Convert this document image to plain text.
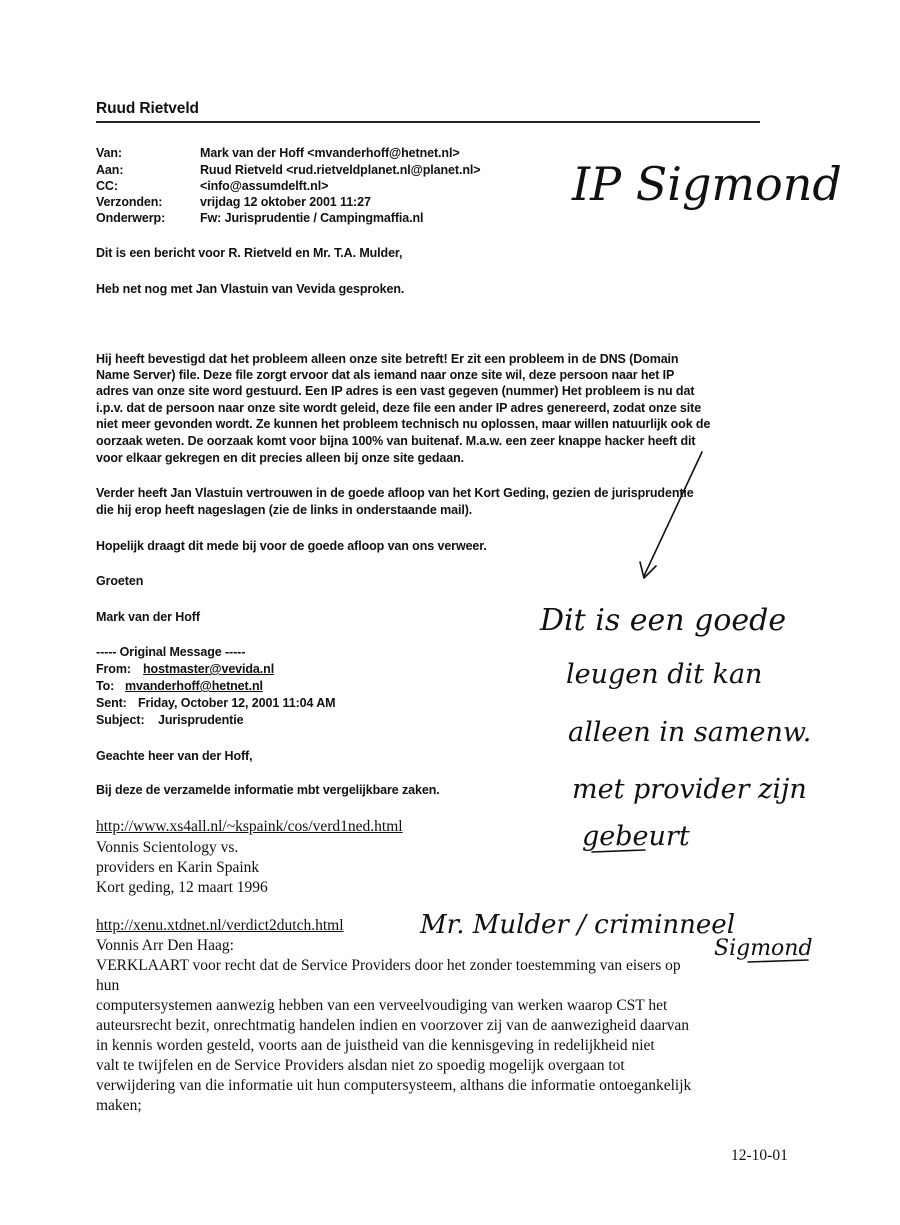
Ruud Rietveld
Van:	Mark van der Hoff <mvanderhoff@hetnet.nl>
Aan:	Ruud Rietveld <rud.rietveldplanet.nl@planet.nl>
CC:	<info@assumdelft.nl>
Verzonden:	vrijdag 12 oktober 2001 11:27
Onderwerp:	Fw: Jurisprudentie / Campingmaffia.nl
Dit is een bericht voor R. Rietveld en Mr. T.A. Mulder,
Heb net nog met Jan Vlastuin van Vevida gesproken.
Hij heeft bevestigd dat het probleem alleen onze site betreft! Er zit een probleem in de DNS (Domain
Name Server) file. Deze file zorgt ervoor dat als iemand naar onze site wil, deze persoon naar het IP
adres van onze site word gestuurd. Een IP adres is een vast gegeven (nummer) Het probleem is nu dat
i.p.v. dat de persoon naar onze site wordt geleid, deze file een ander IP adres genereerd, zodat onze site
niet meer gevonden wordt. Ze kunnen het probleem technisch nu oplossen, maar willen natuurlijk ook de
oorzaak weten. De oorzaak komt voor bijna 100% van buitenaf. M.a.w. een zeer knappe hacker heeft dit
voor elkaar gekregen en dit precies alleen bij onze site gedaan.
Verder heeft Jan Vlastuin vertrouwen in de goede afloop van het Kort Geding, gezien de jurisprudentie
die hij erop heeft nageslagen (zie de links in onderstaande mail).
Hopelijk draagt dit mede bij voor de goede afloop van ons verweer.
Groeten
Mark van der Hoff
----- Original Message -----
From: hostmaster@vevida.nl
To: mvanderhoff@hetnet.nl
Sent: Friday, October 12, 2001 11:04 AM
Subject: Jurisprudentie
Geachte heer van der Hoff,
Bij deze de verzamelde informatie mbt vergelijkbare zaken.
http://www.xs4all.nl/~kspaink/cos/verd1ned.html
Vonnis Scientology vs.
providers en Karin Spaink
Kort geding, 12 maart 1996
http://xenu.xtdnet.nl/verdict2dutch.html
Vonnis Arr Den Haag:
VERKLAART voor recht dat de Service Providers door het zonder toestemming van eisers op
hun
computersystemen aanwezig hebben van een verveelvoudiging van werken waarop CST het
auteursrecht bezit, onrechtmatig handelen indien en voorzover zij van de aanwezigheid daarvan
in kennis worden gesteld, voorts aan de juistheid van die kennisgeving in redelijkheid niet
valt te twijfelen en de Service Providers alsdan niet zo spoedig mogelijk overgaan tot
verwijdering van die informatie uit hun computersysteem, althans die informatie ontoegankelijk
maken;
12-10-01
IP Sigmond
Dit is een goede
leugen dit kan
alleen in samenw.
met provider zijn
gebeurt
Mr. Mulder / criminneel
Sigmond
